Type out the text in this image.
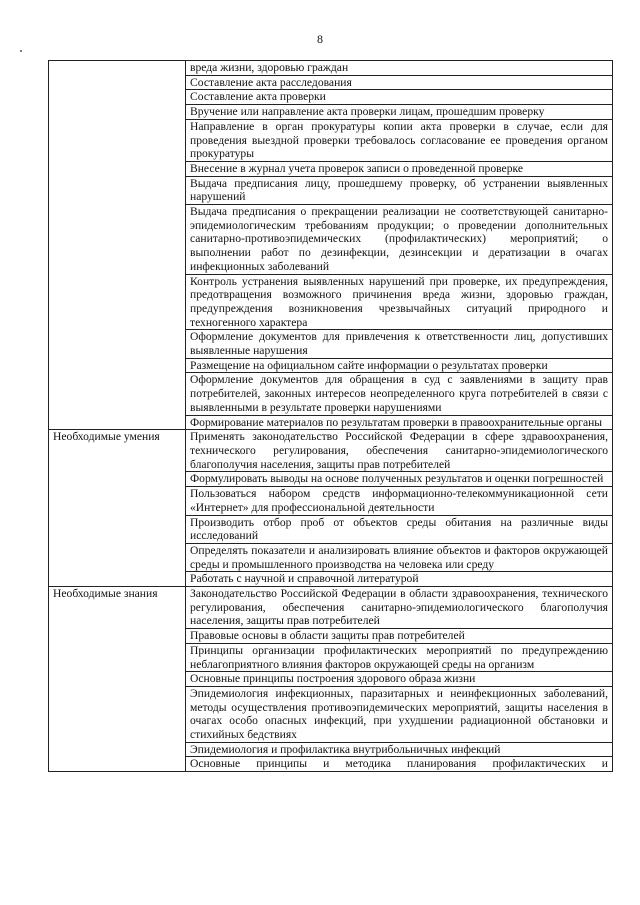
8
	вреда жизни, здоровью граждан
	Составление акта расследования
	Составление акта проверки
	Вручение или направление акта проверки лицам, прошедшим проверку
	Направление в орган прокуратуры копии акта проверки в случае, если для проведения выездной проверки требовалось согласование ее проведения органом прокуратуры
	Внесение в журнал учета проверок записи о проведенной проверке
	Выдача предписания лицу, прошедшему проверку, об устранении выявленных нарушений
	Выдача предписания о прекращении реализации не соответствующей санитарно-эпидемиологическим требованиям продукции; о проведении дополнительных санитарно-противоэпидемических (профилактических) мероприятий; о выполнении работ по дезинфекции, дезинсекции и дератизации в очагах инфекционных заболеваний
	Контроль устранения выявленных нарушений при проверке, их предупреждения, предотвращения возможного причинения вреда жизни, здоровью граждан, предупреждения возникновения чрезвычайных ситуаций природного и техногенного характера
	Оформление документов для привлечения к ответственности лиц, допустивших выявленные нарушения
	Размещение на официальном сайте информации о результатах проверки
	Оформление документов для обращения в суд с заявлениями в защиту прав потребителей, законных интересов неопределенного круга потребителей в связи с выявленными в результате проверки нарушениями
	Формирование материалов по результатам проверки в правоохранительные органы
Необходимые умения	Применять законодательство Российской Федерации в сфере здравоохранения, технического регулирования, обеспечения санитарно-эпидемиологического благополучия населения, защиты прав потребителей
	Формулировать выводы на основе полученных результатов и оценки погрешностей
	Пользоваться набором средств информационно-телекоммуникационной сети «Интернет» для профессиональной деятельности
	Производить отбор проб от объектов среды обитания на различные виды исследований
	Определять показатели и анализировать влияние объектов и факторов окружающей среды и промышленного производства на человека или среду
	Работать с научной и справочной литературой
Необходимые знания	Законодательство Российской Федерации в области здравоохранения, технического регулирования, обеспечения санитарно-эпидемиологического благополучия населения, защиты прав потребителей
	Правовые основы в области защиты прав потребителей
	Принципы организации профилактических мероприятий по предупреждению неблагоприятного влияния факторов окружающей среды на организм
	Основные принципы построения здорового образа жизни
	Эпидемиология инфекционных, паразитарных и неинфекционных заболеваний, методы осуществления противоэпидемических мероприятий, защиты населения в очагах особо опасных инфекций, при ухудшении радиационной обстановки и стихийных бедствиях
	Эпидемиология и профилактика внутрибольничных инфекций
	Основные принципы и методика планирования профилактических и
